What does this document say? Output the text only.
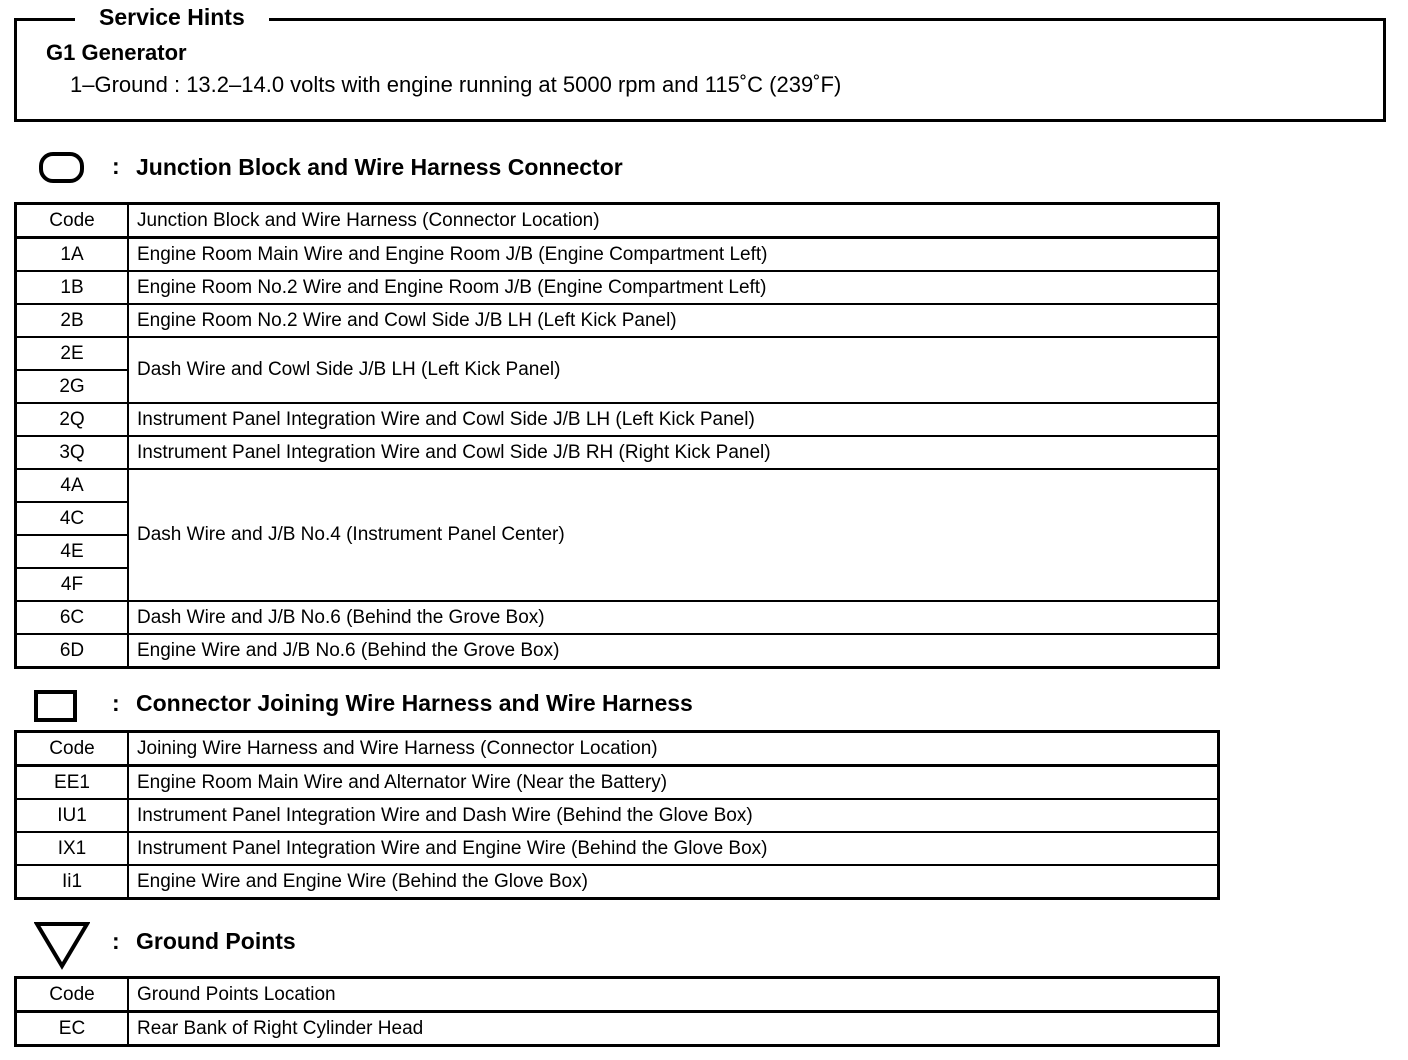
Service Hints
G1 Generator
1–Ground : 13.2–14.0 volts with engine running at 5000 rpm and 115˚C (239˚F)
: Junction Block and Wire Harness Connector
Code	Junction Block and Wire Harness (Connector Location)
1A	Engine Room Main Wire and Engine Room J/B (Engine Compartment Left)
1B	Engine Room No.2 Wire and Engine Room J/B (Engine Compartment Left)
2B	Engine Room No.2 Wire and Cowl Side J/B LH (Left Kick Panel)
2E	Dash Wire and Cowl Side J/B LH (Left Kick Panel)
2G	
2Q	Instrument Panel Integration Wire and Cowl Side J/B LH (Left Kick Panel)
3Q	Instrument Panel Integration Wire and Cowl Side J/B RH (Right Kick Panel)
4A	Dash Wire and J/B No.4 (Instrument Panel Center)
4C	
4E	
4F	
6C	Dash Wire and J/B No.6 (Behind the Grove Box)
6D	Engine Wire and J/B No.6 (Behind the Grove Box)
: Connector Joining Wire Harness and Wire Harness
Code	Joining Wire Harness and Wire Harness (Connector Location)
EE1	Engine Room Main Wire and Alternator Wire (Near the Battery)
IU1	Instrument Panel Integration Wire and Dash Wire (Behind the Glove Box)
IX1	Instrument Panel Integration Wire and Engine Wire (Behind the Glove Box)
Ii1	Engine Wire and Engine Wire (Behind the Glove Box)
: Ground Points
Code	Ground Points Location
EC	Rear Bank of Right Cylinder Head
